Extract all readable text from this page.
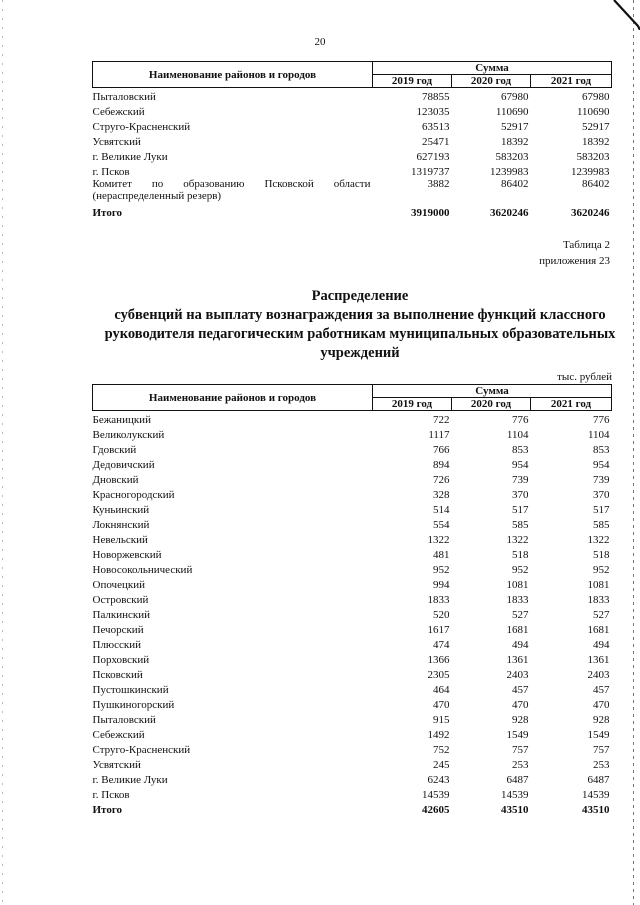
20
Наименование районов и городов	Сумма		
	2019 год	2020 год	2021 год
Пыталовский	78855	67980	67980
Себежский	123035	110690	110690
Струго-Красненский	63513	52917	52917
Усвятский	25471	18392	18392
г. Великие Луки	627193	583203	583203
г. Псков	1319737	1239983	1239983
Комитет по образованию Псковской области (нераспределенный резерв)	3882	86402	86402
Итого	3919000	3620246	3620246
Таблица 2
приложения 23
Распределение
субвенций на выплату вознаграждения за выполнение функций классного руководителя педагогическим работникам муниципальных образовательных учреждений
тыс. рублей
Наименование районов и городов	Сумма		
	2019 год	2020 год	2021 год
Бежаницкий	722	776	776
Великолукский	1117	1104	1104
Гдовский	766	853	853
Дедовичский	894	954	954
Дновский	726	739	739
Красногородский	328	370	370
Куньинский	514	517	517
Локнянский	554	585	585
Невельский	1322	1322	1322
Новоржевский	481	518	518
Новосокольнический	952	952	952
Опочецкий	994	1081	1081
Островский	1833	1833	1833
Палкинский	520	527	527
Печорский	1617	1681	1681
Плюсский	474	494	494
Порховский	1366	1361	1361
Псковский	2305	2403	2403
Пустошкинский	464	457	457
Пушкиногорский	470	470	470
Пыталовский	915	928	928
Себежский	1492	1549	1549
Струго-Красненский	752	757	757
Усвятский	245	253	253
г. Великие Луки	6243	6487	6487
г. Псков	14539	14539	14539
Итого	42605	43510	43510
